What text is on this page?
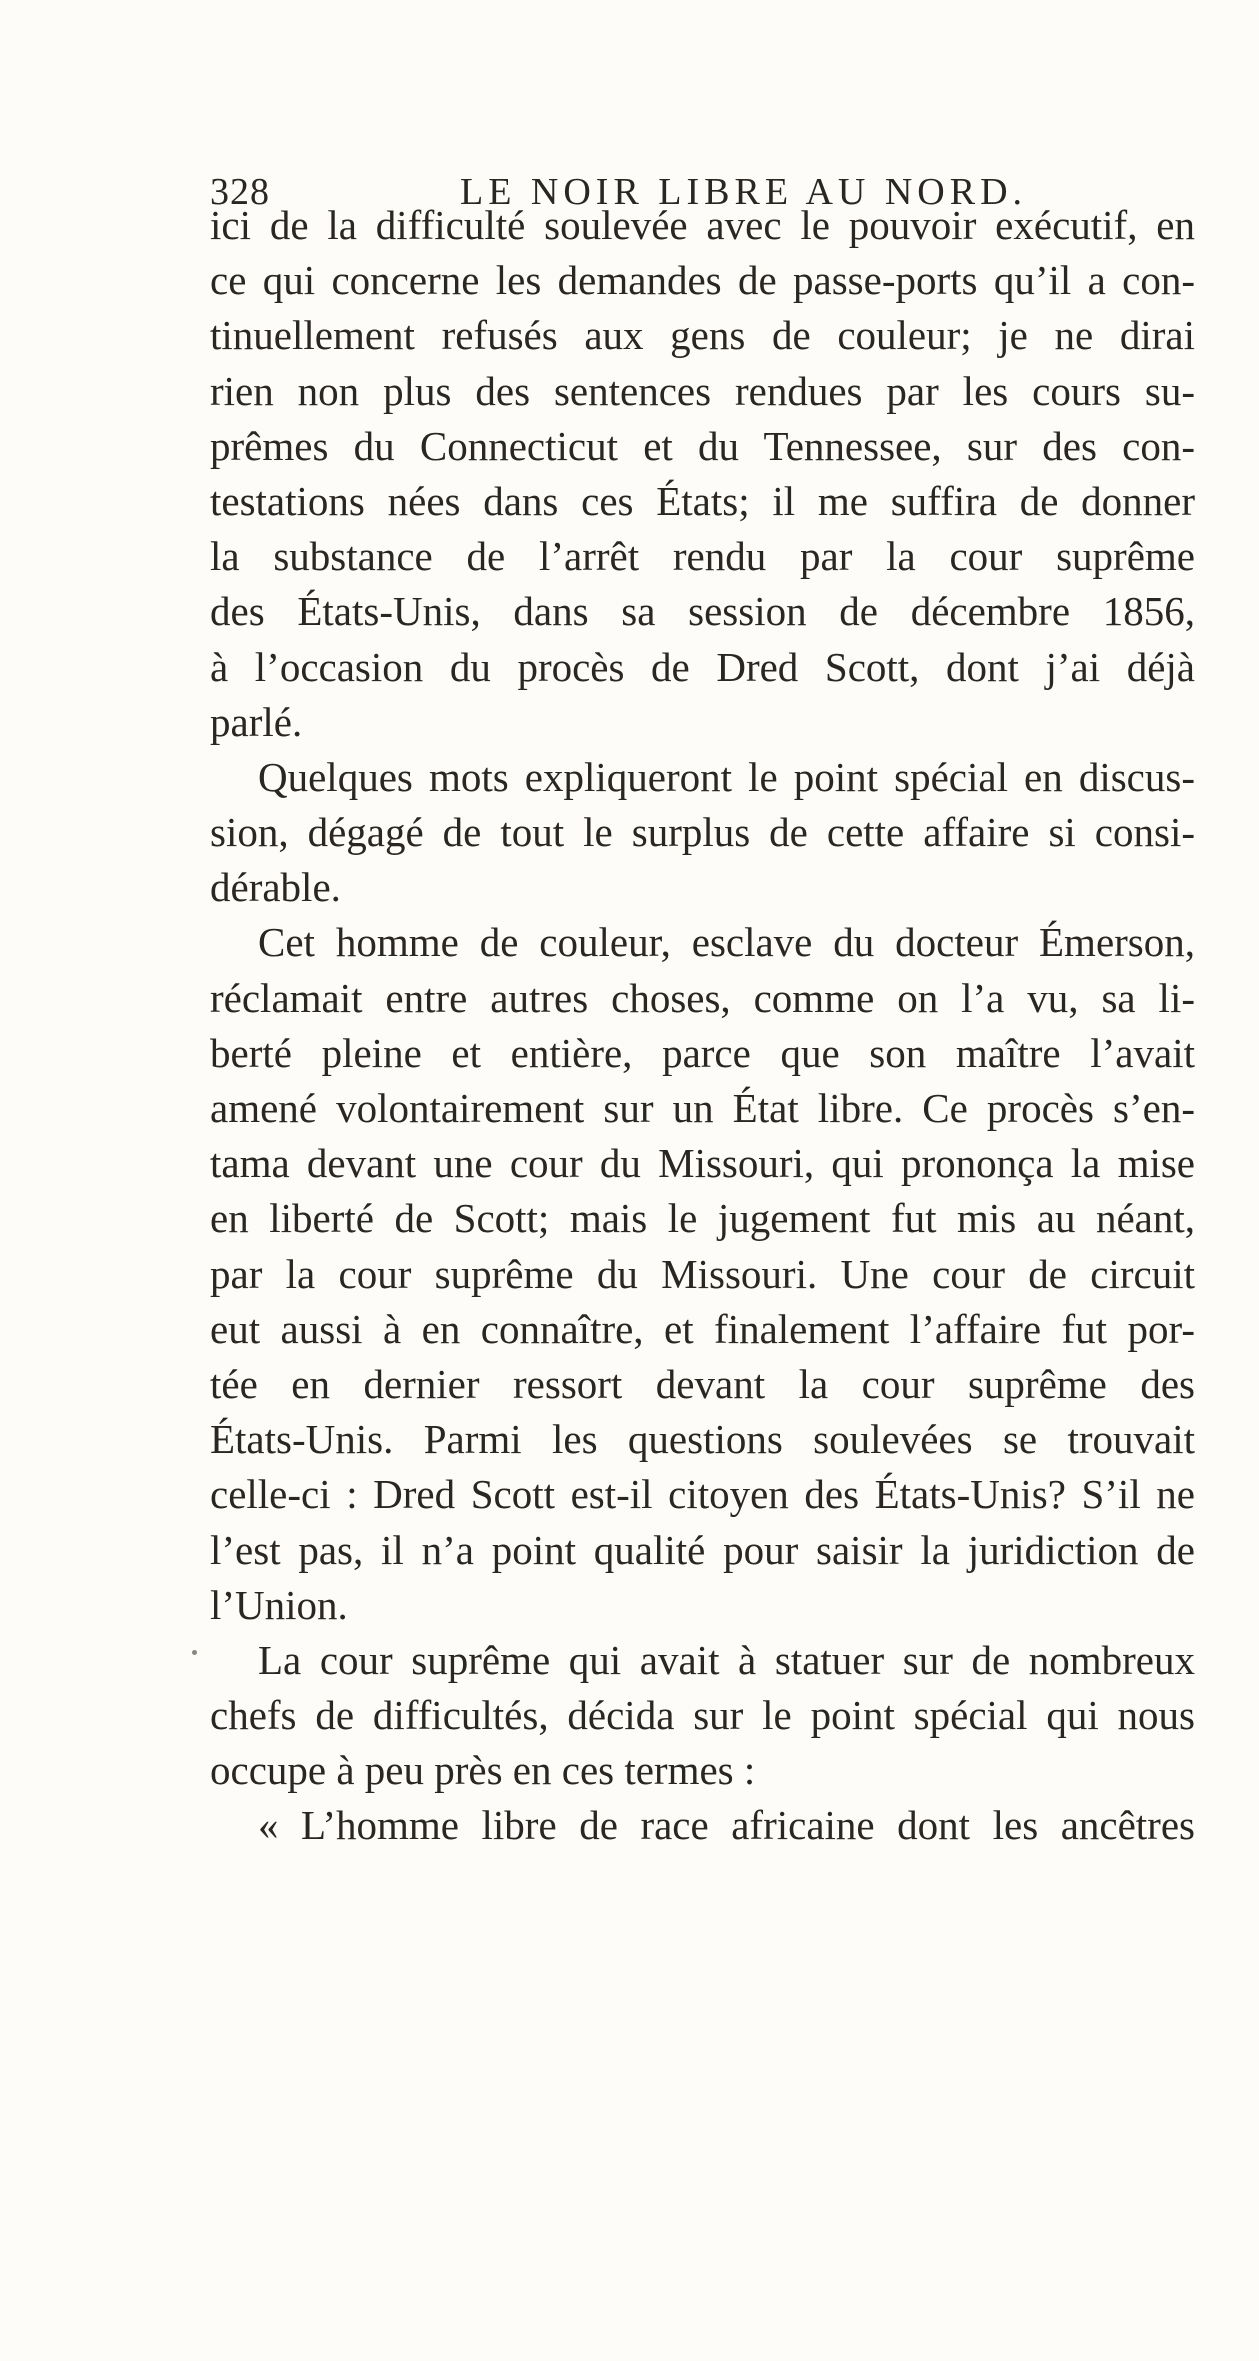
328	LE NOIR LIBRE AU NORD.
ici de la difficulté soulevée avec le pouvoir exécutif, en
ce qui concerne les demandes de passe-ports qu’il a con-
tinuellement refusés aux gens de couleur; je ne dirai
rien non plus des sentences rendues par les cours su-
prêmes du Connecticut et du Tennessee, sur des con-
testations nées dans ces États; il me suffira de donner
la substance de l’arrêt rendu par la cour suprême
des États-Unis, dans sa session de décembre 1856,
à l’occasion du procès de Dred Scott, dont j’ai déjà
parlé.
Quelques mots expliqueront le point spécial en discus-
sion, dégagé de tout le surplus de cette affaire si consi-
dérable.
Cet homme de couleur, esclave du docteur Émerson,
réclamait entre autres choses, comme on l’a vu, sa li-
berté pleine et entière, parce que son maître l’avait
amené volontairement sur un État libre. Ce procès s’en-
tama devant une cour du Missouri, qui prononça la mise
en liberté de Scott; mais le jugement fut mis au néant,
par la cour suprême du Missouri. Une cour de circuit
eut aussi à en connaître, et finalement l’affaire fut por-
tée en dernier ressort devant la cour suprême des
États-Unis. Parmi les questions soulevées se trouvait
celle-ci : Dred Scott est-il citoyen des États-Unis? S’il ne
l’est pas, il n’a point qualité pour saisir la juridiction de
l’Union.
La cour suprême qui avait à statuer sur de nombreux
chefs de difficultés, décida sur le point spécial qui nous
occupe à peu près en ces termes :
« L’homme libre de race africaine dont les ancêtres
